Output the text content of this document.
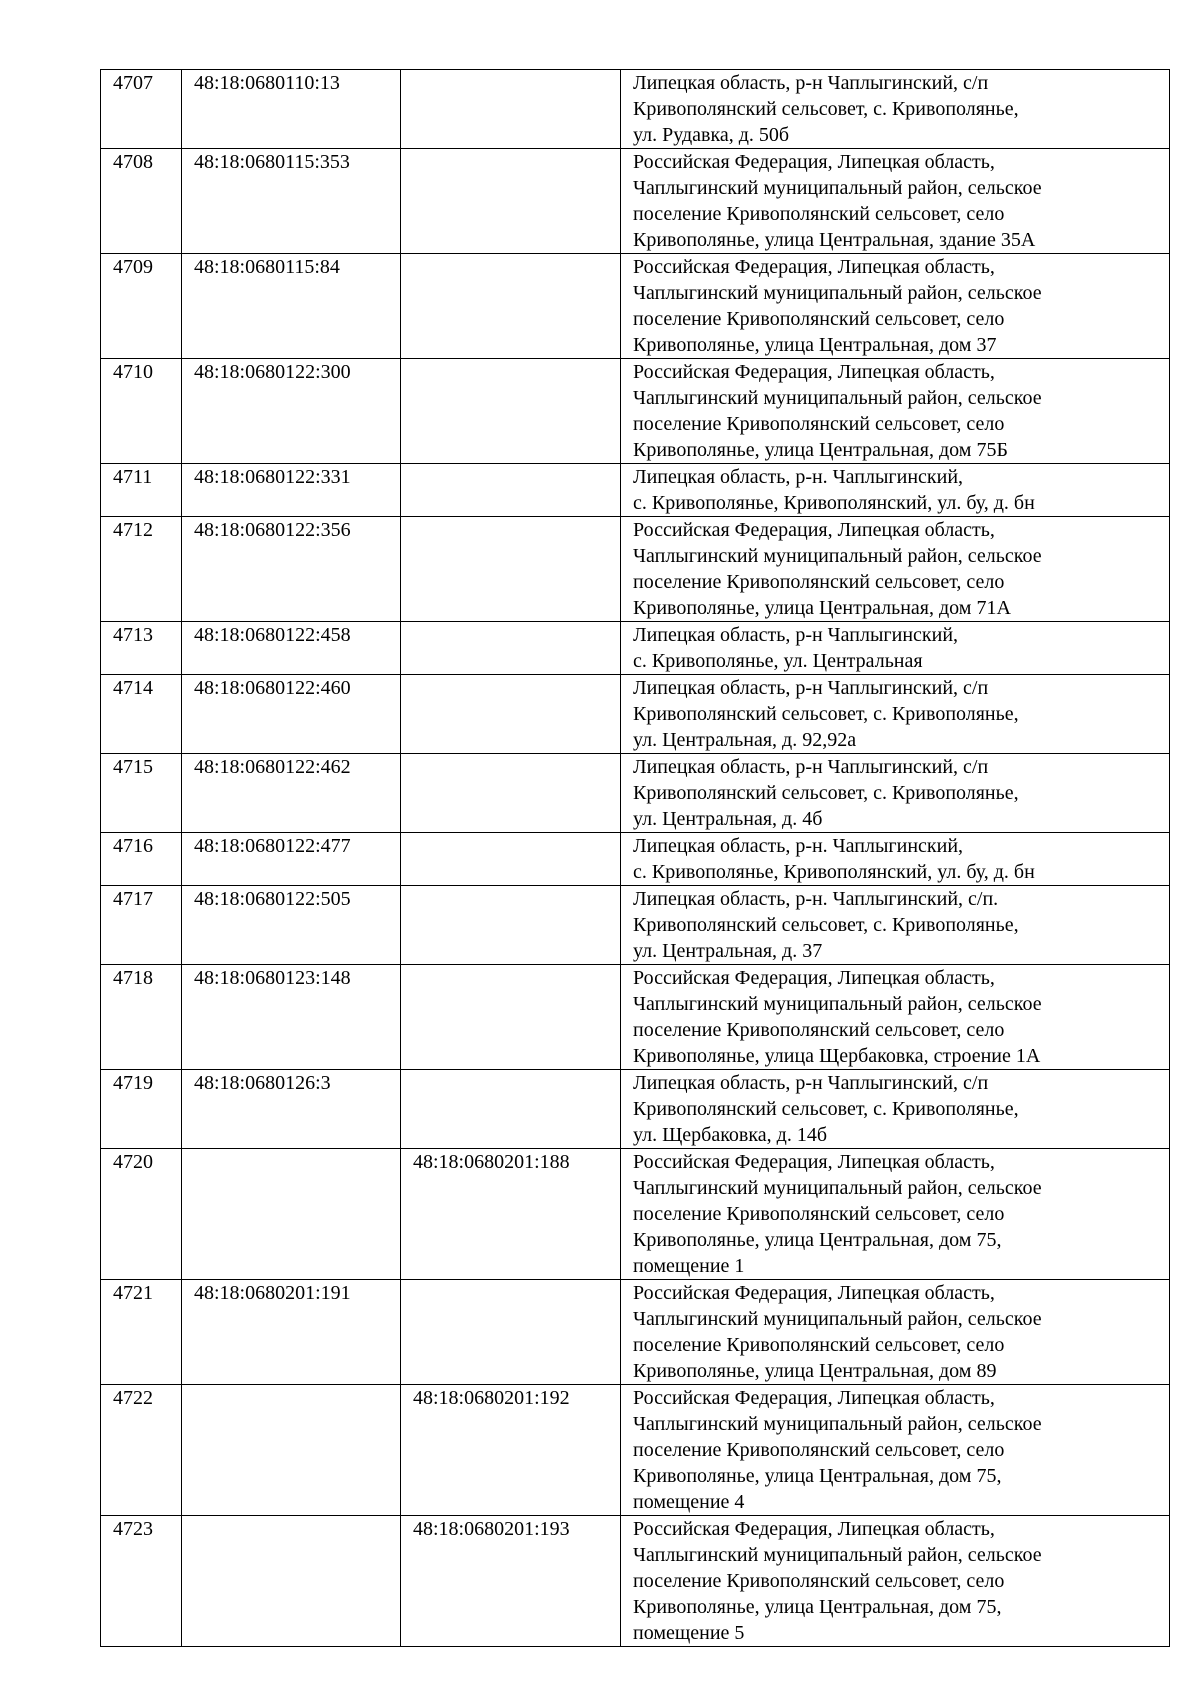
4707	48:18:0680110:13		Липецкая область, р-н Чаплыгинский, с/п
Кривополянский сельсовет, с. Кривополянье,
ул. Рудавка, д. 50б

4708	48:18:0680115:353		Российская Федерация, Липецкая область,
Чаплыгинский муниципальный район, сельское
поселение Кривополянский сельсовет, село
Кривополянье, улица Центральная, здание 35А

4709	48:18:0680115:84		Российская Федерация, Липецкая область,
Чаплыгинский муниципальный район, сельское
поселение Кривополянский сельсовет, село
Кривополянье, улица Центральная, дом 37

4710	48:18:0680122:300		Российская Федерация, Липецкая область,
Чаплыгинский муниципальный район, сельское
поселение Кривополянский сельсовет, село
Кривополянье, улица Центральная, дом 75Б

4711	48:18:0680122:331		Липецкая область, р-н. Чаплыгинский,
с. Кривополянье, Кривополянский, ул. бу, д. бн

4712	48:18:0680122:356		Российская Федерация, Липецкая область,
Чаплыгинский муниципальный район, сельское
поселение Кривополянский сельсовет, село
Кривополянье, улица Центральная, дом 71А

4713	48:18:0680122:458		Липецкая область, р-н Чаплыгинский,
с. Кривополянье, ул. Центральная

4714	48:18:0680122:460		Липецкая область, р-н Чаплыгинский, с/п
Кривополянский сельсовет, с. Кривополянье,
ул. Центральная, д. 92,92а

4715	48:18:0680122:462		Липецкая область, р-н Чаплыгинский, с/п
Кривополянский сельсовет, с. Кривополянье,
ул. Центральная, д. 4б

4716	48:18:0680122:477		Липецкая область, р-н. Чаплыгинский,
с. Кривополянье, Кривополянский, ул. бу, д. бн

4717	48:18:0680122:505		Липецкая область, р-н. Чаплыгинский, с/п.
Кривополянский сельсовет, с. Кривополянье,
ул. Центральная, д. 37

4718	48:18:0680123:148		Российская Федерация, Липецкая область,
Чаплыгинский муниципальный район, сельское
поселение Кривополянский сельсовет, село
Кривополянье, улица Щербаковка, строение 1А

4719	48:18:0680126:3		Липецкая область, р-н Чаплыгинский, с/п
Кривополянский сельсовет, с. Кривополянье,
ул. Щербаковка, д. 14б

4720		48:18:0680201:188	Российская Федерация, Липецкая область,
Чаплыгинский муниципальный район, сельское
поселение Кривополянский сельсовет, село
Кривополянье, улица Центральная, дом 75,
помещение 1

4721	48:18:0680201:191		Российская Федерация, Липецкая область,
Чаплыгинский муниципальный район, сельское
поселение Кривополянский сельсовет, село
Кривополянье, улица Центральная, дом 89

4722		48:18:0680201:192	Российская Федерация, Липецкая область,
Чаплыгинский муниципальный район, сельское
поселение Кривополянский сельсовет, село
Кривополянье, улица Центральная, дом 75,
помещение 4

4723		48:18:0680201:193	Российская Федерация, Липецкая область,
Чаплыгинский муниципальный район, сельское
поселение Кривополянский сельсовет, село
Кривополянье, улица Центральная, дом 75,
помещение 5
